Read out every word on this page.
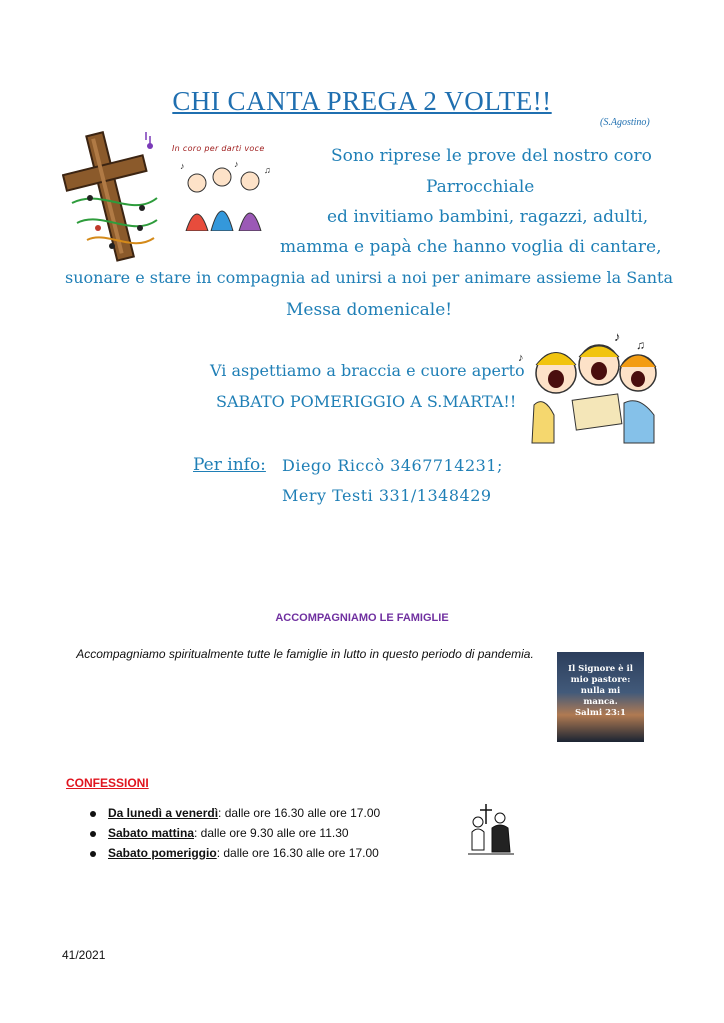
CHI CANTA PREGA 2 VOLTE!!
(S.Agostino)
In coro per darti voce
♪
♫
♪	Sono riprese le prove del nostro coro
Parrocchiale
ed invitiamo bambini, ragazzi, adulti,
mamma e papà che hanno voglia di cantare,
suonare e stare in compagnia ad unirsi a noi per animare assieme la Santa
Messa domenicale!
Vi aspettiamo a braccia e cuore aperto
SABATO POMERIGGIO A S.MARTA!!
♪
♫
♪
Per info: Diego Riccò 3467714231;
Mery Testi 331/1348429
ACCOMPAGNIAMO LE FAMIGLIE
Accompagniamo spiritualmente tutte le famiglie in lutto in questo periodo di pandemia.
Il Signore è il mio pastore: nulla mi manca.
Salmi 23:1
CONFESSIONI
Da lunedì a venerdì: dalle ore 16.30 alle ore 17.00
Sabato mattina: dalle ore 9.30 alle ore 11.30
Sabato pomeriggio: dalle ore 16.30 alle ore 17.00
41/2021
